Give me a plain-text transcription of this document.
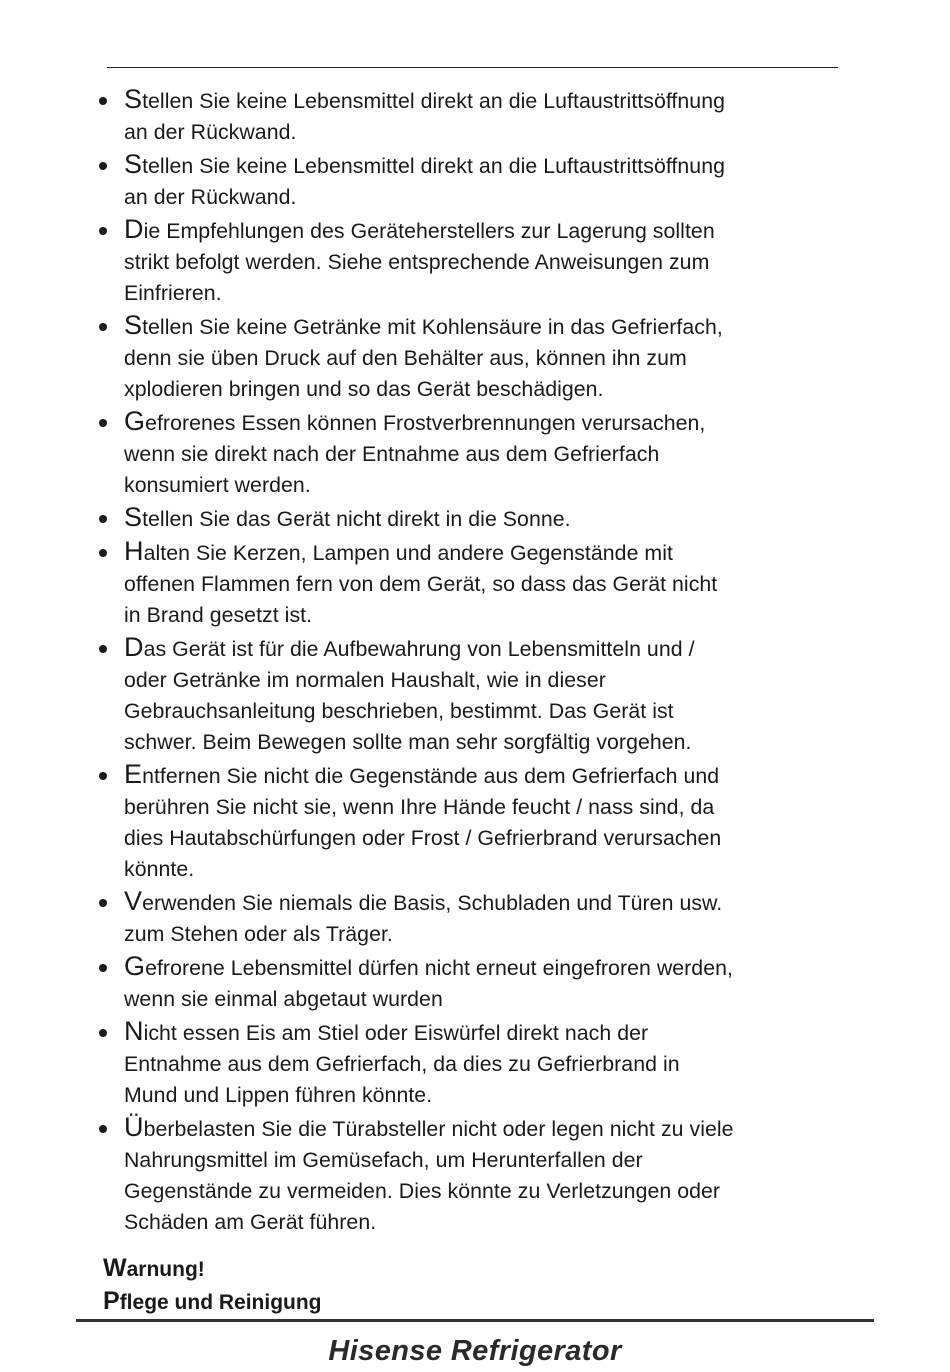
Stellen Sie keine Lebensmittel direkt an die Luftaustrittsöffnung
an der Rückwand.
Stellen Sie keine Lebensmittel direkt an die Luftaustrittsöffnung
an der Rückwand.
Die Empfehlungen des Geräteherstellers zur Lagerung sollten
strikt befolgt werden. Siehe entsprechende Anweisungen zum
Einfrieren.
Stellen Sie keine Getränke mit Kohlensäure in das Gefrierfach,
denn sie üben Druck auf den Behälter aus, können ihn zum
xplodieren bringen und so das Gerät beschädigen.
Gefrorenes Essen können Frostverbrennungen verursachen,
wenn sie direkt nach der Entnahme aus dem Gefrierfach
konsumiert werden.
Stellen Sie das Gerät nicht direkt in die Sonne.
Halten Sie Kerzen, Lampen und andere Gegenstände mit
offenen Flammen fern von dem Gerät, so dass das Gerät nicht
in Brand gesetzt ist.
Das Gerät ist für die Aufbewahrung von Lebensmitteln und /
oder Getränke im normalen Haushalt, wie in dieser
Gebrauchsanleitung beschrieben, bestimmt. Das Gerät ist
schwer. Beim Bewegen sollte man sehr sorgfältig vorgehen.
Entfernen Sie nicht die Gegenstände aus dem Gefrierfach und
berühren Sie nicht sie, wenn Ihre Hände feucht / nass sind, da
dies Hautabschürfungen oder Frost / Gefrierbrand verursachen
könnte.
Verwenden Sie niemals die Basis, Schubladen und Türen usw.
zum Stehen oder als Träger.
Gefrorene Lebensmittel dürfen nicht erneut eingefroren werden,
wenn sie einmal abgetaut wurden
Nicht essen Eis am Stiel oder Eiswürfel direkt nach der
Entnahme aus dem Gefrierfach, da dies zu Gefrierbrand in
Mund und Lippen führen könnte.
Überbelasten Sie die Türabsteller nicht oder legen nicht zu viele
Nahrungsmittel im Gemüsefach, um Herunterfallen der
Gegenstände zu vermeiden. Dies könnte zu Verletzungen oder
Schäden am Gerät führen.
Warnung!
Pflege und Reinigung
Hisense Refrigerator
